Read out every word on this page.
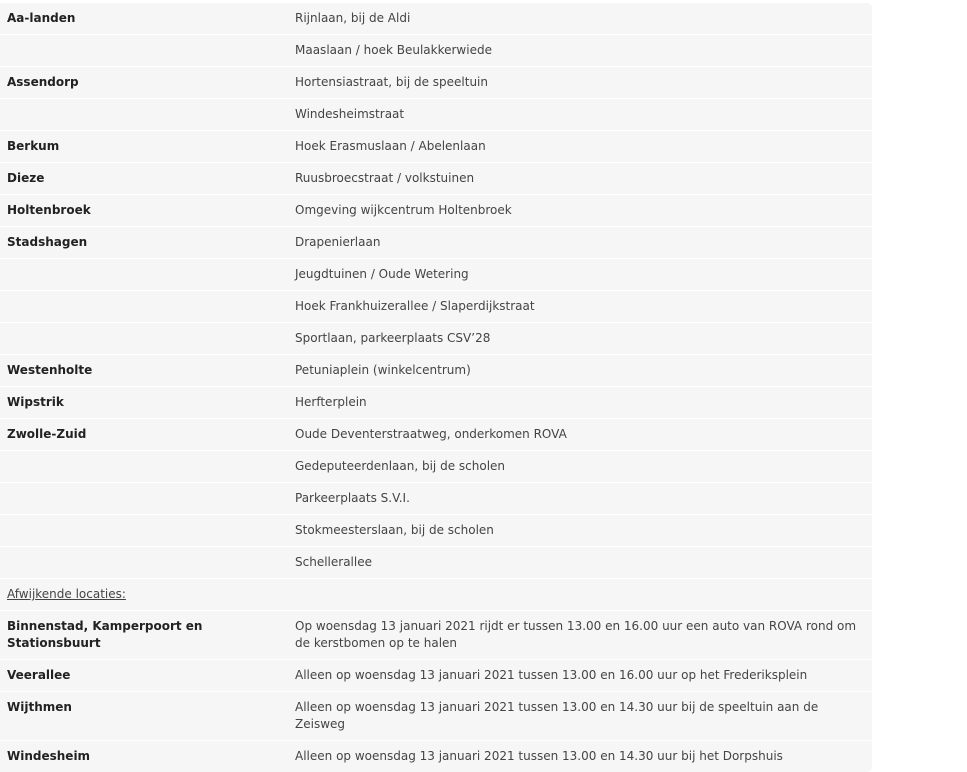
Aa-landen	Rijnlaan, bij de Aldi
	Maaslaan / hoek Beulakkerwiede
Assendorp	Hortensiastraat, bij de speeltuin
	Windesheimstraat
Berkum	Hoek Erasmuslaan / Abelenlaan
Dieze	Ruusbroecstraat / volkstuinen
Holtenbroek	Omgeving wijkcentrum Holtenbroek
Stadshagen	Drapenierlaan
	Jeugdtuinen / Oude Wetering
	Hoek Frankhuizerallee / Slaperdijkstraat
	Sportlaan, parkeerplaats CSV’28
Westenholte	Petuniaplein (winkelcentrum)
Wipstrik	Herfterplein
Zwolle-Zuid	Oude Deventerstraatweg, onderkomen ROVA
	Gedeputeerdenlaan, bij de scholen
	Parkeerplaats S.V.I.
	Stokmeesterslaan, bij de scholen
	Schellerallee
Afwijkende locaties:	
Binnenstad, Kamperpoort en Stationsbuurt	Op woensdag 13 januari 2021 rijdt er tussen 13.00 en 16.00 uur een auto van ROVA rond om de kerstbomen op te halen
Veerallee	Alleen op woensdag 13 januari 2021 tussen 13.00 en 16.00 uur op het Frederiksplein
Wijthmen	Alleen op woensdag 13 januari 2021 tussen 13.00 en 14.30 uur bij de speeltuin aan de Zeisweg
Windesheim	Alleen op woensdag 13 januari 2021 tussen 13.00 en 14.30 uur bij het Dorpshuis
